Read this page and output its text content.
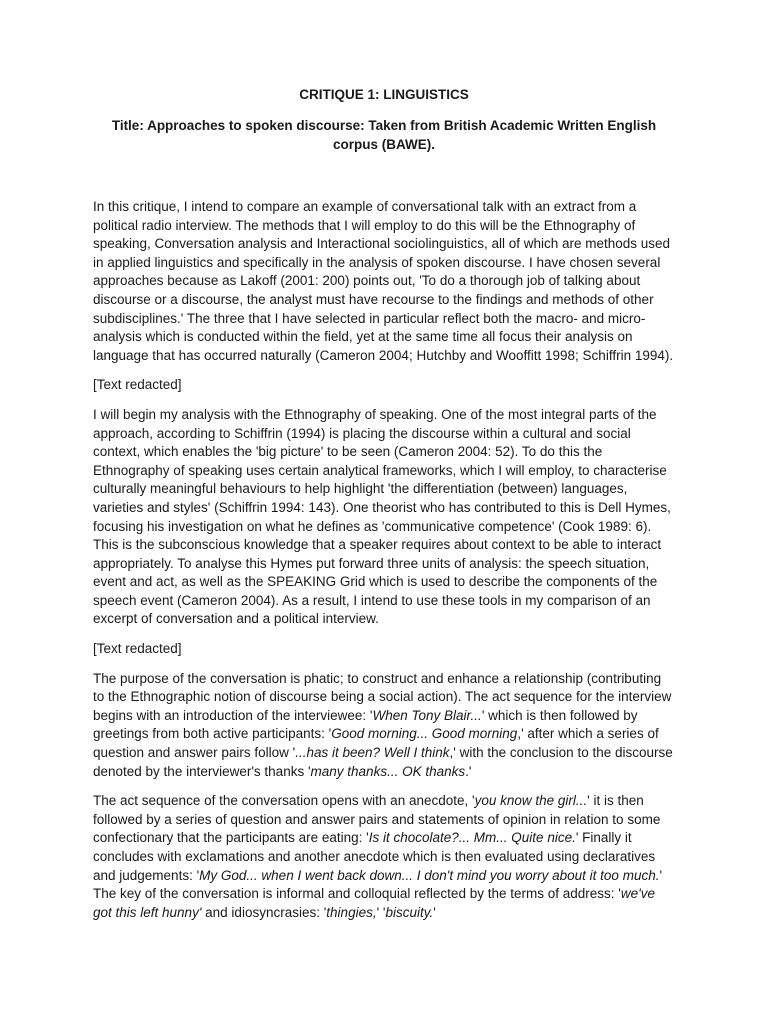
CRITIQUE 1: LINGUISTICS

Title: Approaches to spoken discourse: Taken from British Academic Written English corpus (BAWE).

In this critique, I intend to compare an example of conversational talk with an extract from a political radio interview. The methods that I will employ to do this will be the Ethnography of speaking, Conversation analysis and Interactional sociolinguistics, all of which are methods used in applied linguistics and specifically in the analysis of spoken discourse. I have chosen several approaches because as Lakoff (2001: 200) points out, 'To do a thorough job of talking about discourse or a discourse, the analyst must have recourse to the findings and methods of other subdisciplines.' The three that I have selected in particular reflect both the macro- and micro-analysis which is conducted within the field, yet at the same time all focus their analysis on language that has occurred naturally (Cameron 2004; Hutchby and Wooffitt 1998; Schiffrin 1994).

[Text redacted]

I will begin my analysis with the Ethnography of speaking. One of the most integral parts of the approach, according to Schiffrin (1994) is placing the discourse within a cultural and social context, which enables the 'big picture' to be seen (Cameron 2004: 52). To do this the Ethnography of speaking uses certain analytical frameworks, which I will employ, to characterise culturally meaningful behaviours to help highlight 'the differentiation (between) languages, varieties and styles' (Schiffrin 1994: 143). One theorist who has contributed to this is Dell Hymes, focusing his investigation on what he defines as 'communicative competence' (Cook 1989: 6). This is the subconscious knowledge that a speaker requires about context to be able to interact appropriately. To analyse this Hymes put forward three units of analysis: the speech situation, event and act, as well as the SPEAKING Grid which is used to describe the components of the speech event (Cameron 2004). As a result, I intend to use these tools in my comparison of an excerpt of conversation and a political interview.

[Text redacted]

The purpose of the conversation is phatic; to construct and enhance a relationship (contributing to the Ethnographic notion of discourse being a social action). The act sequence for the interview begins with an introduction of the interviewee: 'When Tony Blair...' which is then followed by greetings from both active participants: 'Good morning... Good morning,' after which a series of question and answer pairs follow '...has it been? Well I think,' with the conclusion to the discourse denoted by the interviewer's thanks 'many thanks... OK thanks.'

The act sequence of the conversation opens with an anecdote, 'you know the girl...' it is then followed by a series of question and answer pairs and statements of opinion in relation to some confectionary that the participants are eating: 'Is it chocolate?... Mm... Quite nice.' Finally it concludes with exclamations and another anecdote which is then evaluated using declaratives and judgements: 'My God... when I went back down... I don't mind you worry about it too much.' The key of the conversation is informal and colloquial reflected by the terms of address: 'we've got this left hunny' and idiosyncrasies: 'thingies,' 'biscuity.'
